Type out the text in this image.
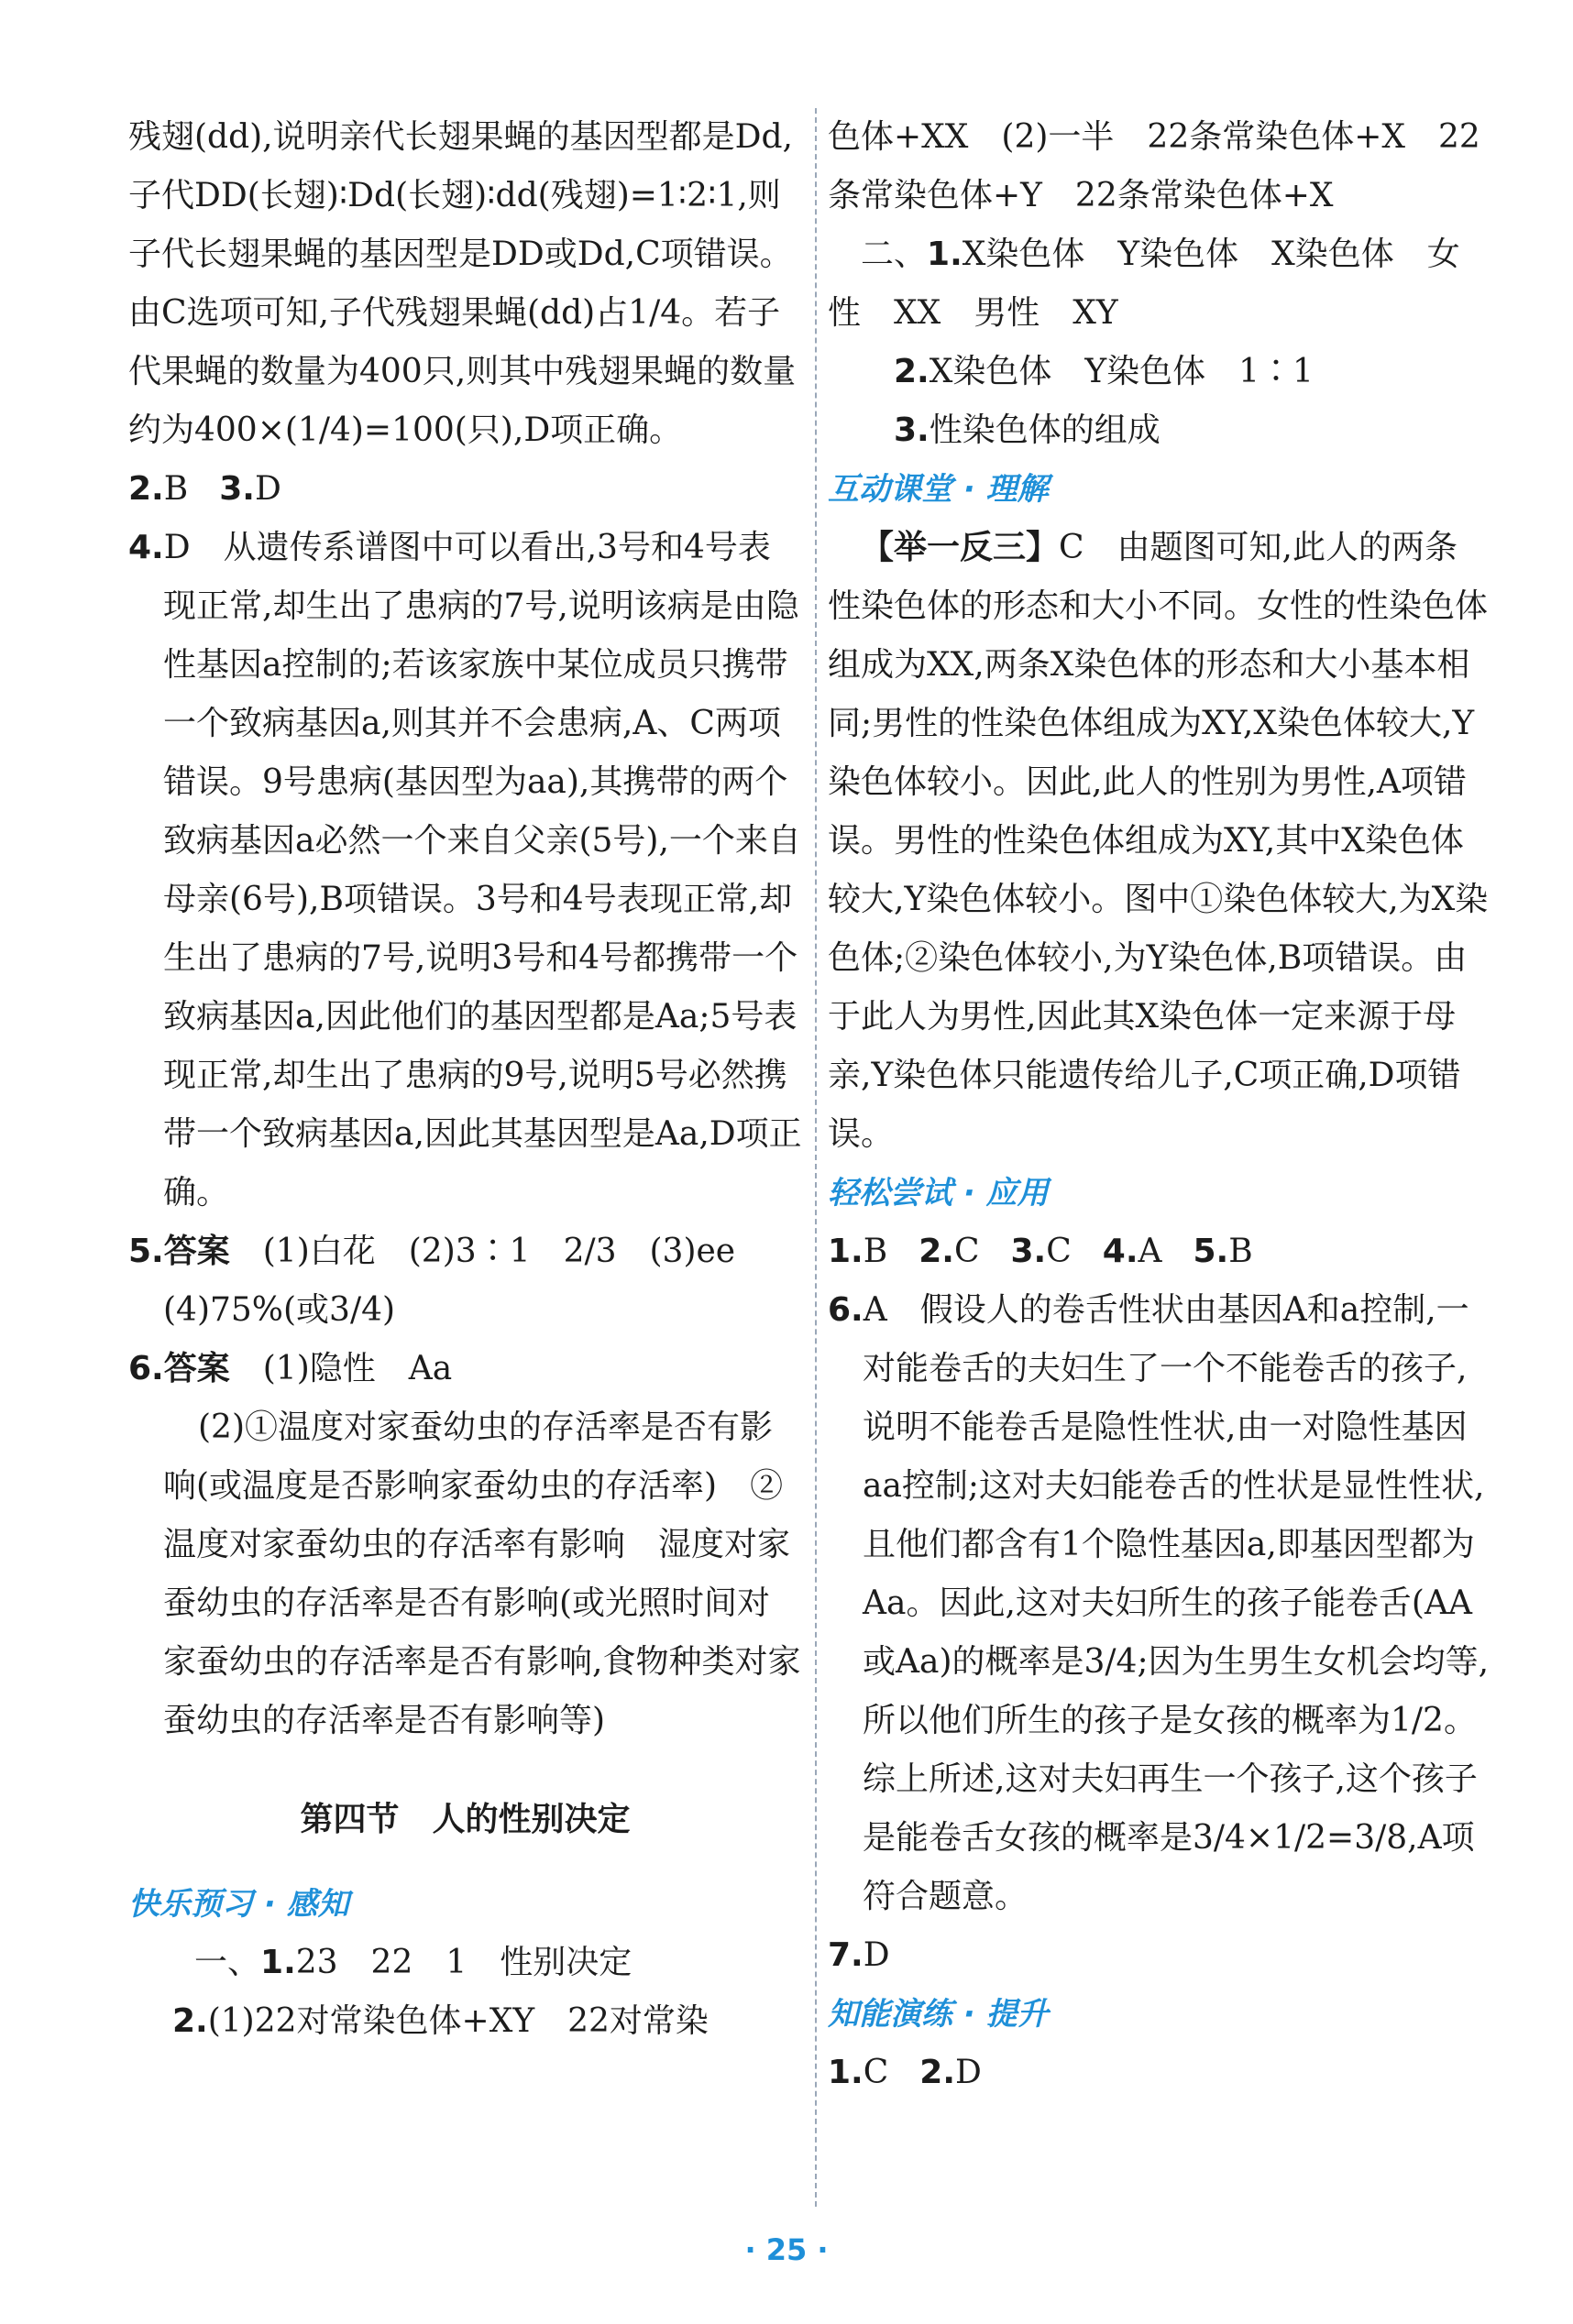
残翅(dd),说明亲代长翅果蝇的基因型都是Dd,子代DD(长翅)∶Dd(长翅)∶dd(残翅)=1∶2∶1,则子代长翅果蝇的基因型是DD或Dd,C项错误。由C选项可知,子代残翅果蝇(dd)占1/4。若子代果蝇的数量为400只,则其中残翅果蝇的数量约为400×(1/4)=100(只),D项正确。

2.B 3.D

4.D　从遗传系谱图中可以看出,3号和4号表现正常,却生出了患病的7号,说明该病是由隐性基因a控制的;若该家族中某位成员只携带一个致病基因a,则其并不会患病,A、C两项错误。9号患病(基因型为aa),其携带的两个致病基因a必然一个来自父亲(5号),一个来自母亲(6号),B项错误。3号和4号表现正常,却生出了患病的7号,说明3号和4号都携带一个致病基因a,因此他们的基因型都是Aa;5号表现正常,却生出了患病的9号,说明5号必然携带一个致病基因a,因此其基因型是Aa,D项正确。

5.答案　 (1)白花　(2)3∶1　2/3　(3)ee
(4)75%(或3/4)

6.答案　 (1)隐性　Aa

(2)①温度对家蚕幼虫的存活率是否有影响(或温度是否影响家蚕幼虫的存活率)　②温度对家蚕幼虫的存活率有影响　湿度对家蚕幼虫的存活率是否有影响(或光照时间对家蚕幼虫的存活率是否有影响,食物种类对家蚕幼虫的存活率是否有影响等)

第四节　人的性别决定
快乐预习 · 感知

一、1.23　22　1　性别决定

2.(1)22对常染色体+XY　22对常染

色体+XX　(2)一半　22条常染色体+X　22条常染色体+Y　22条常染色体+X

二、1.X染色体　Y染色体　X染色体　女性　XX　男性　XY

2.X染色体　Y染色体　1∶1

3.性染色体的组成

互动课堂 · 理解

【举一反三】C　由题图可知,此人的两条性染色体的形态和大小不同。女性的性染色体组成为XX,两条X染色体的形态和大小基本相同;男性的性染色体组成为XY,X染色体较大,Y染色体较小。因此,此人的性别为男性,A项错误。男性的性染色体组成为XY,其中X染色体较大,Y染色体较小。图中①染色体较大,为X染色体;②染色体较小,为Y染色体,B项错误。由于此人为男性,因此其X染色体一定来源于母亲,Y染色体只能遗传给儿子,C项正确,D项错误。

轻松尝试 · 应用

1.B 2.C 3.C 4.A 5.B

6.A　假设人的卷舌性状由基因A和a控制,一对能卷舌的夫妇生了一个不能卷舌的孩子,说明不能卷舌是隐性性状,由一对隐性基因aa控制;这对夫妇能卷舌的性状是显性性状,且他们都含有1个隐性基因a,即基因型都为Aa。因此,这对夫妇所生的孩子能卷舌(AA或Aa)的概率是3/4;因为生男生女机会均等,所以他们所生的孩子是女孩的概率为1/2。综上所述,这对夫妇再生一个孩子,这个孩子是能卷舌女孩的概率是3/4×1/2=3/8,A项符合题意。

7.D

知能演练 · 提升

1.C 2.D

· 25 ·
